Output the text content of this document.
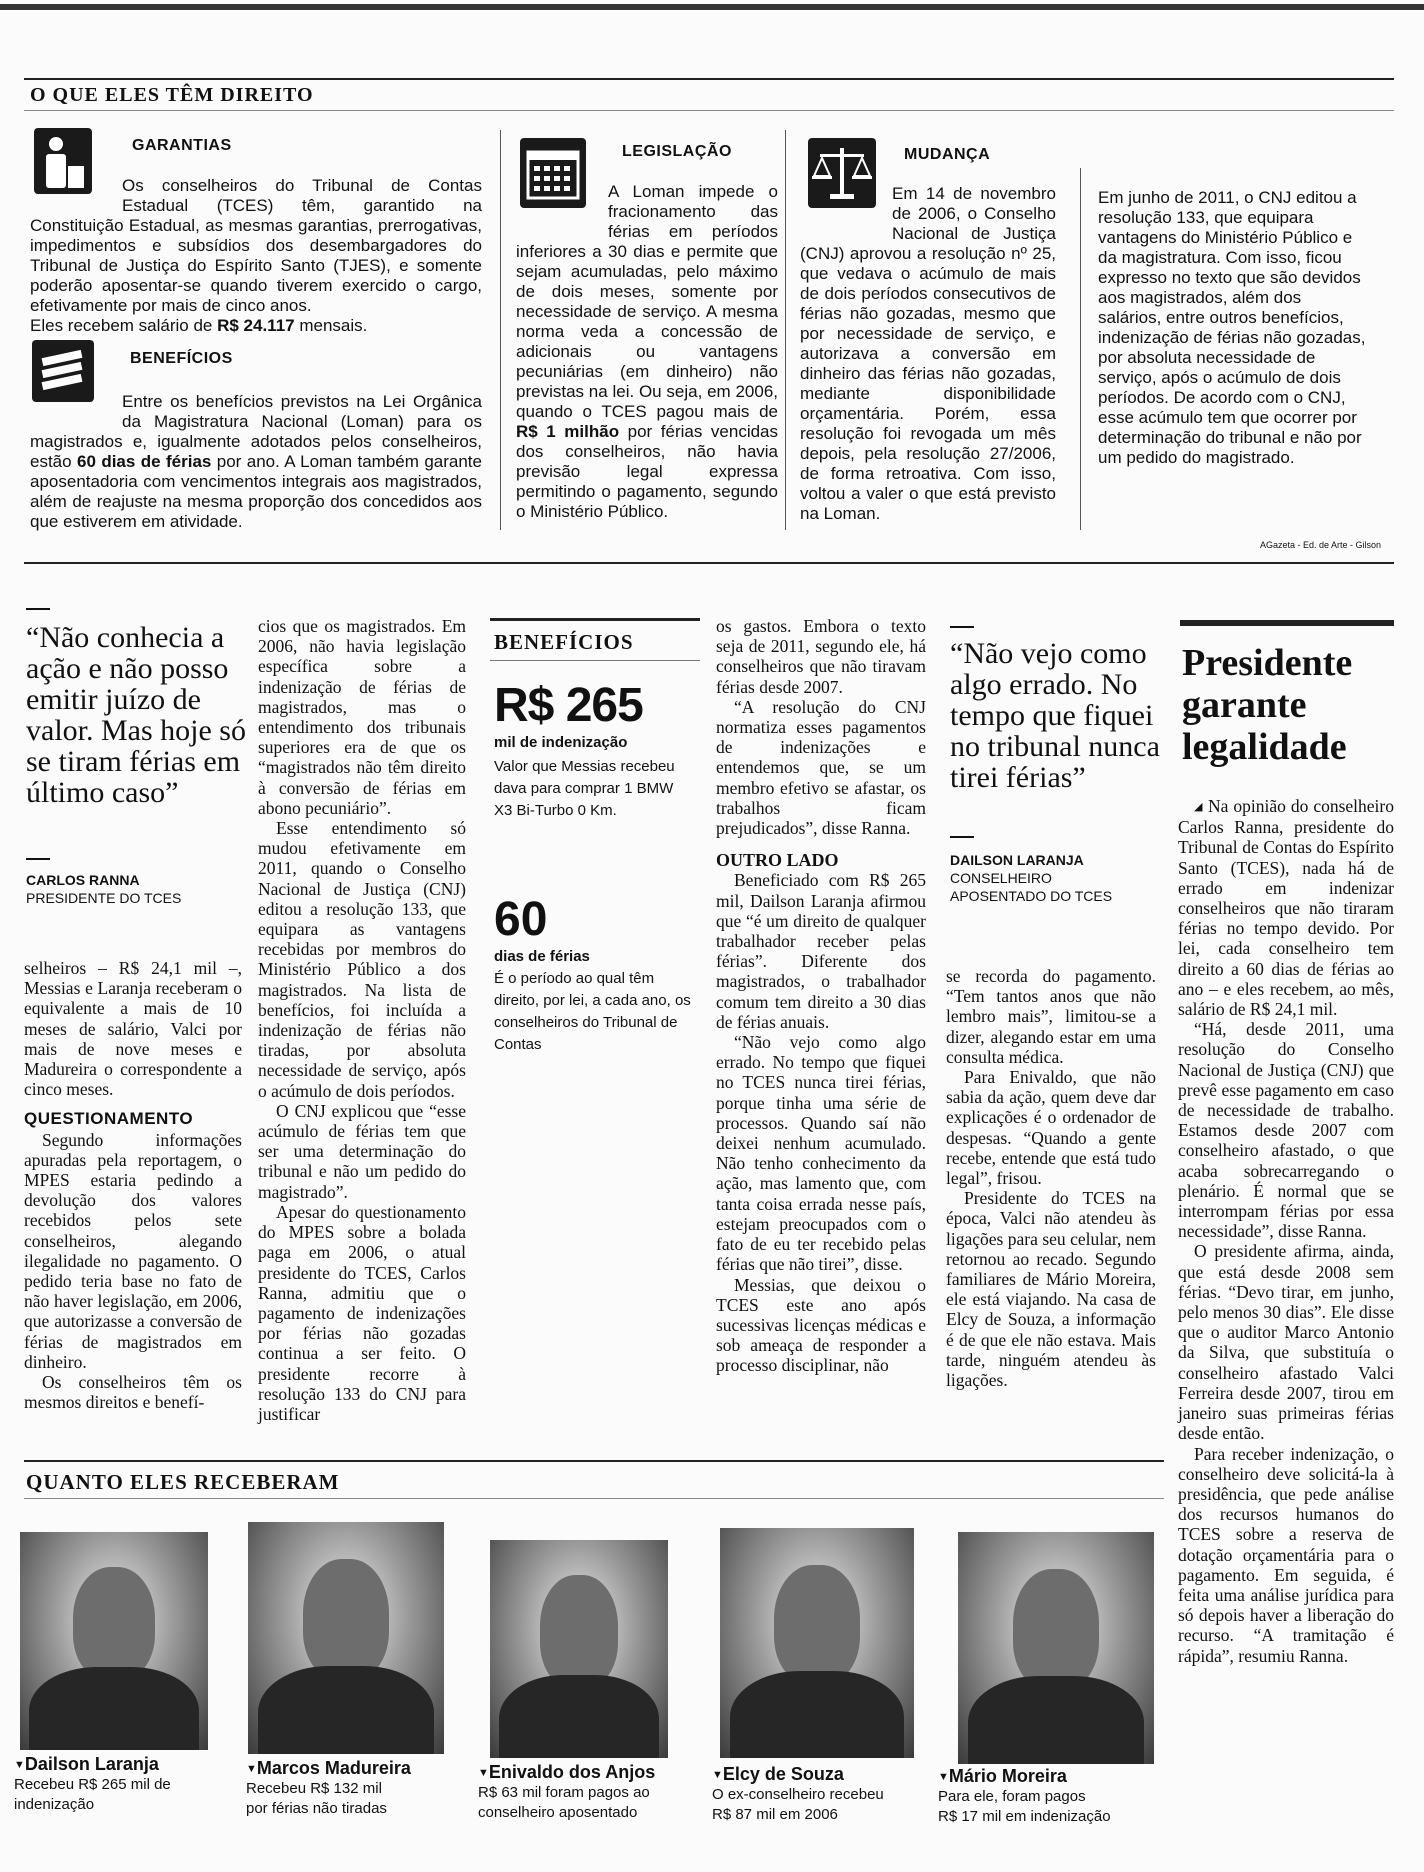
O QUE ELES TÊM DIREITO
GARANTIAS
Os conselheiros do Tribunal de Contas Estadual (TCES) têm, garantido na Constituição Estadual, as mesmas garantias, prerrogativas, impedimentos e subsídios dos desembargadores do Tribunal de Justiça do Espírito Santo (TJES), e somente poderão aposentar-se quando tiverem exercido o cargo, efetivamente por mais de cinco anos.
Eles recebem salário de R$ 24.117 mensais.
BENEFÍCIOS
Entre os benefícios previstos na Lei Orgânica da Magistratura Nacional (Loman) para os magistrados e, igualmente adotados pelos conselheiros, estão 60 dias de férias por ano. A Loman também garante aposentadoria com vencimentos integrais aos magistrados, além de reajuste na mesma proporção dos concedidos aos que estiverem em atividade.
LEGISLAÇÃO
A Loman impede o fracionamento das férias em períodos inferiores a 30 dias e permite que sejam acumuladas, pelo máximo de dois meses, somente por necessidade de serviço. A mesma norma veda a concessão de adicionais ou vantagens pecuniárias (em dinheiro) não previstas na lei. Ou seja, em 2006, quando o TCES pagou mais de R$ 1 milhão por férias vencidas dos conselheiros, não havia previsão legal expressa permitindo o pagamento, segundo o Ministério Público.
MUDANÇA
Em 14 de novembro de 2006, o Conselho Nacional de Justiça (CNJ) aprovou a resolução nº 25, que vedava o acúmulo de mais de dois períodos consecutivos de férias não gozadas, mesmo que por necessidade de serviço, e autorizava a conversão em dinheiro das férias não gozadas, mediante disponibilidade orçamentária. Porém, essa resolução foi revogada um mês depois, pela resolução 27/2006, de forma retroativa. Com isso, voltou a valer o que está previsto na Loman.
Em junho de 2011, o CNJ editou a resolução 133, que equipara vantagens do Ministério Público e da magistratura. Com isso, ficou expresso no texto que são devidos aos magistrados, além dos salários, entre outros benefícios, indenização de férias não gozadas, por absoluta necessidade de serviço, após o acúmulo de dois períodos. De acordo com o CNJ, esse acúmulo tem que ocorrer por determinação do tribunal e não por um pedido do magistrado.
AGazeta - Ed. de Arte - Gilson
“Não conhecia a ação e não posso emitir juízo de valor. Mas hoje só se tiram férias em último caso”
CARLOS RANNA
PRESIDENTE DO TCES

selheiros – R$ 24,1 mil –, Messias e Laranja receberam o equivalente a mais de 10 meses de salário, Valci por mais de nove meses e Madureira o correspondente a cinco meses.

QUESTIONAMENTO

Segundo informações apuradas pela reportagem, o MPES estaria pedindo a devolução dos valores recebidos pelos sete conselheiros, alegando ilegalidade no pagamento. O pedido teria base no fato de não haver legislação, em 2006, que autorizasse a conversão de férias de magistrados em dinheiro.

Os conselheiros têm os mesmos direitos e benefí-

cios que os magistrados. Em 2006, não havia legislação específica sobre a indenização de férias de magistrados, mas o entendimento dos tribunais superiores era de que os “magistrados não têm direito à conversão de férias em abono pecuniário”.

Esse entendimento só mudou efetivamente em 2011, quando o Conselho Nacional de Justiça (CNJ) editou a resolução 133, que equipara as vantagens recebidas por membros do Ministério Público a dos magistrados. Na lista de benefícios, foi incluída a indenização de férias não tiradas, por absoluta necessidade de serviço, após o acúmulo de dois períodos.

O CNJ explicou que “esse acúmulo de férias tem que ser uma determinação do tribunal e não um pedido do magistrado”.

Apesar do questionamento do MPES sobre a bolada paga em 2006, o atual presidente do TCES, Carlos Ranna, admitiu que o pagamento de indenizações por férias não gozadas continua a ser feito. O presidente recorre à resolução 133 do CNJ para justificar

BENEFÍCIOS
R$ 265
mil de indenização
Valor que Messias recebeu dava para comprar 1 BMW X3 Bi-Turbo 0 Km.
60
dias de férias
É o período ao qual têm direito, por lei, a cada ano, os conselheiros do Tribunal de Contas

os gastos. Embora o texto seja de 2011, segundo ele, há conselheiros que não tiravam férias desde 2007.

“A resolução do CNJ normatiza esses pagamentos de indenizações e entendemos que, se um membro efetivo se afastar, os trabalhos ficam prejudicados”, disse Ranna.

OUTRO LADO

Beneficiado com R$ 265 mil, Dailson Laranja afirmou que “é um direito de qualquer trabalhador receber pelas férias”. Diferente dos magistrados, o trabalhador comum tem direito a 30 dias de férias anuais.

“Não vejo como algo errado. No tempo que fiquei no TCES nunca tirei férias, porque tinha uma série de processos. Quando saí não deixei nenhum acumulado. Não tenho conhecimento da ação, mas lamento que, com tanta coisa errada nesse país, estejam preocupados com o fato de eu ter recebido pelas férias que não tirei”, disse.

Messias, que deixou o TCES este ano após sucessivas licenças médicas e sob ameaça de responder a processo disciplinar, não

“Não vejo como algo errado. No tempo que fiquei no tribunal nunca tirei férias”
DAILSON LARANJA
CONSELHEIRO
APOSENTADO DO TCES

se recorda do pagamento. “Tem tantos anos que não lembro mais”, limitou-se a dizer, alegando estar em uma consulta médica.

Para Enivaldo, que não sabia da ação, quem deve dar explicações é o ordenador de despesas. “Quando a gente recebe, entende que está tudo legal”, frisou.

Presidente do TCES na época, Valci não atendeu às ligações para seu celular, nem retornou ao recado. Segundo familiares de Mário Moreira, ele está viajando. Na casa de Elcy de Souza, a informação é de que ele não estava. Mais tarde, ninguém atendeu às ligações.

Presidente garante legalidade

◢ Na opinião do conselheiro Carlos Ranna, presidente do Tribunal de Contas do Espírito Santo (TCES), nada há de errado em indenizar conselheiros que não tiraram férias no tempo devido. Por lei, cada conselheiro tem direito a 60 dias de férias ao ano – e eles recebem, ao mês, salário de R$ 24,1 mil.

“Há, desde 2011, uma resolução do Conselho Nacional de Justiça (CNJ) que prevê esse pagamento em caso de necessidade de trabalho. Estamos desde 2007 com conselheiro afastado, o que acaba sobrecarregando o plenário. É normal que se interrompam férias por essa necessidade”, disse Ranna.

O presidente afirma, ainda, que está desde 2008 sem férias. “Devo tirar, em junho, pelo menos 30 dias”. Ele disse que o auditor Marco Antonio da Silva, que substituía o conselheiro afastado Valci Ferreira desde 2007, tirou em janeiro suas primeiras férias desde então.

Para receber indenização, o conselheiro deve solicitá-la à presidência, que pede análise dos recursos humanos do TCES sobre a reserva de dotação orçamentária para o pagamento. Em seguida, é feita uma análise jurídica para só depois haver a liberação do recurso. “A tramitação é rápida”, resumiu Ranna.

QUANTO ELES RECEBERAM
▼Dailson Laranja
Recebeu R$ 265 mil de
indenização
▼Marcos Madureira
Recebeu R$ 132 mil
por férias não tiradas
▼Enivaldo dos Anjos
R$ 63 mil foram pagos ao
conselheiro aposentado
▼Elcy de Souza
O ex-conselheiro recebeu
R$ 87 mil em 2006
▼Mário Moreira
Para ele, foram pagos
R$ 17 mil em indenização
